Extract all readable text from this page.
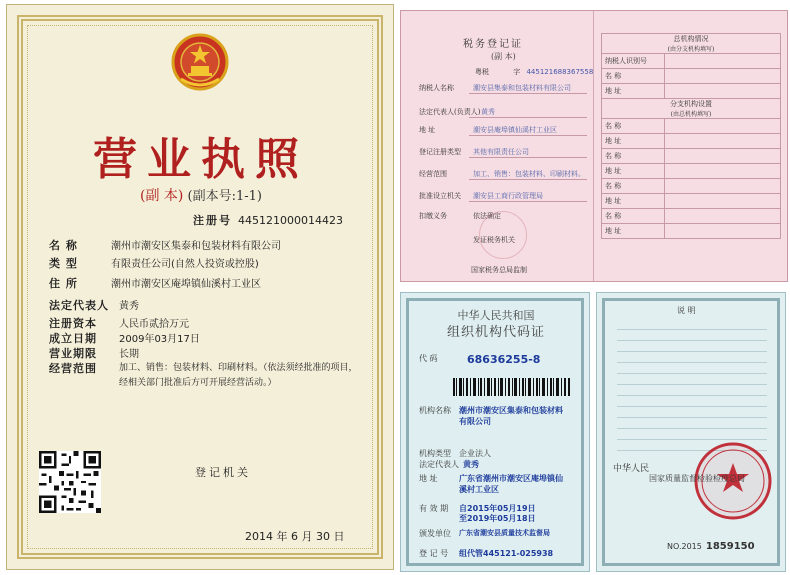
营业执照
(副 本) (副本号:1-1)
注册号 445121000014423
名 称	潮州市潮安区集泰和包装材料有限公司
类 型	有限责任公司(自然人投资或控股)
住 所	潮州市潮安区庵埠镇仙溪村工业区
法定代表人 黄秀
注册资本 人民币贰拾万元
成立日期 2009年03月17日
营业期限 长期
经营范围 加工、销售：包装材料、印刷材料。（依法须经批准的项目，
经相关部门批准后方可开展经营活动。）
登记机关
2014 年 6 月 30 日
税务登记证
(副 本)
粤税	字 445121688367558
纳税人名称	潮安县集泰和包装材料有限公司
法定代表人(负责人) 黄秀
地 址	潮安县庵埠镇仙溪村工业区
登记注册类型 其他有限责任公司
经营范围	加工、销售：包装材料、印刷材料。
批准设立机关 潮安县工商行政管理局
扣缴义务	依法确定
发证税务机关
国家税务总局监制
总机构情况
(由分支机构填写)	
纳税人识别号	
名 称	
地 址	
分支机构设置
(由总机构填写)	
名 称	
地 址	
名 称	
地 址	
名 称	
地 址	
名 称	
地 址	
中华人民共和国
组织机构代码证
代 码	68636255-8
机构名称 潮州市潮安区集泰和包装材料
有限公司
机构类型 企业法人
法定代表人 黄秀
地 址	广东省潮州市潮安区庵埠镇仙
溪村工业区
有 效 期 自2015年05月19日
至2019年05月18日
颁发单位 广东省潮安县质量技术监督局
登 记 号 组代管445121-025938
说 明
中华人民
国家质量监督检验检疫总局
NO.2015 1859150
